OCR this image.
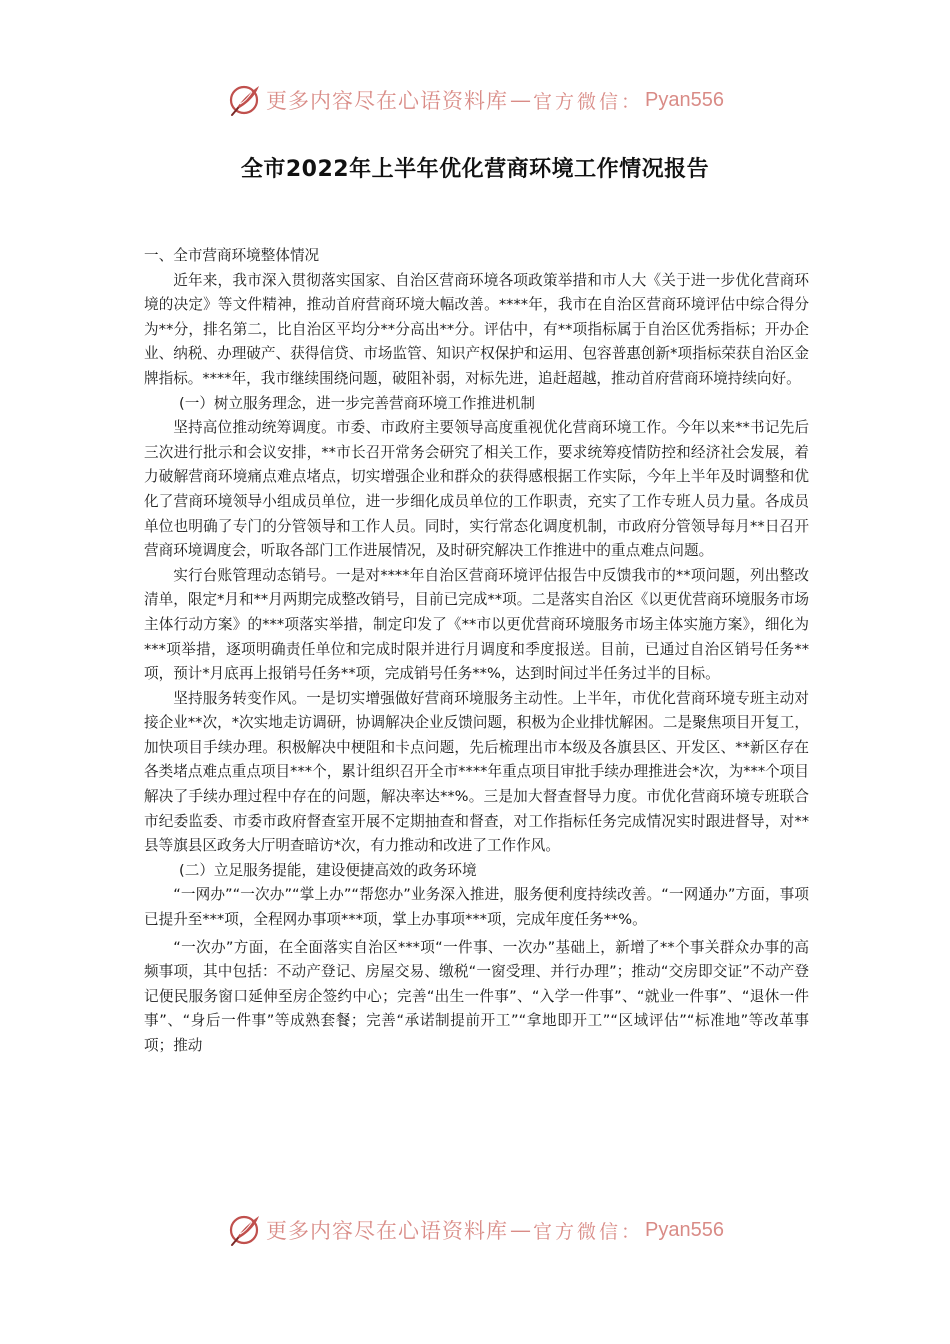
更多内容尽在心语资料库 — 官方微信： Pyan556
全市2022年上半年优化营商环境工作情况报告

一、全市营商环境整体情况

近年来，我市深入贯彻落实国家、自治区营商环境各项政策举措和市人大《关于进一步优化营商环境的决定》等文件精神，推动首府营商环境大幅改善。****年，我市在自治区营商环境评估中综合得分为**分，排名第二，比自治区平均分**分高出**分。评估中，有**项指标属于自治区优秀指标；开办企业、纳税、办理破产、获得信贷、市场监管、知识产权保护和运用、包容普惠创新*项指标荣获自治区金牌指标。****年，我市继续围绕问题，破阻补弱，对标先进，追赶超越，推动首府营商环境持续向好。

(一）树立服务理念，进一步完善营商环境工作推进机制

坚持高位推动统筹调度。市委、市政府主要领导高度重视优化营商环境工作。今年以来**书记先后三次进行批示和会议安排，**市长召开常务会研究了相关工作，要求统筹疫情防控和经济社会发展，着力破解营商环境痛点难点堵点，切实增强企业和群众的获得感根据工作实际，今年上半年及时调整和优化了营商环境领导小组成员单位，进一步细化成员单位的工作职责，充实了工作专班人员力量。各成员单位也明确了专门的分管领导和工作人员。同时，实行常态化调度机制，市政府分管领导每月**日召开营商环境调度会，听取各部门工作进展情况，及时研究解决工作推进中的重点难点问题。

实行台账管理动态销号。一是对****年自治区营商环境评估报告中反馈我市的**项问题，列出整改清单，限定*月和**月两期完成整改销号，目前已完成**项。二是落实自治区《以更优营商环境服务市场主体行动方案》的***项落实举措，制定印发了《**市以更优营商环境服务市场主体实施方案》，细化为***项举措，逐项明确责任单位和完成时限并进行月调度和季度报送。目前，已通过自治区销号任务**项，预计*月底再上报销号任务**项，完成销号任务**%，达到时间过半任务过半的目标。

坚持服务转变作风。一是切实增强做好营商环境服务主动性。上半年，市优化营商环境专班主动对接企业**次，*次实地走访调研，协调解决企业反馈问题，积极为企业排忧解困。二是聚焦项目开复工，加快项目手续办理。积极解决中梗阻和卡点问题，先后梳理出市本级及各旗县区、开发区、**新区存在各类堵点难点重点项目***个，累计组织召开全市****年重点项目审批手续办理推进会*次，为***个项目解决了手续办理过程中存在的问题，解决率达**%。三是加大督查督导力度。市优化营商环境专班联合市纪委监委、市委市政府督查室开展不定期抽查和督查，对工作指标任务完成情况实时跟进督导，对**县等旗县区政务大厅明查暗访*次，有力推动和改进了工作作风。

(二）立足服务提能，建设便捷高效的政务环境

“一网办”“一次办”“掌上办”“帮您办”业务深入推进，服务便利度持续改善。“一网通办”方面，事项已提升至***项，全程网办事项***项，掌上办事项***项，完成年度任务**%。

“一次办”方面，在全面落实自治区***项“一件事、一次办”基础上，新增了**个事关群众办事的高频事项，其中包括：不动产登记、房屋交易、缴税“一窗受理、并行办理”；推动“交房即交证”不动产登记便民服务窗口延伸至房企签约中心；完善“出生一件事”、“入学一件事”、“就业一件事”、“退休一件事”、“身后一件事”等成熟套餐；完善“承诺制提前开工”“拿地即开工”“区域评估”“标准地”等改革事项；推动

更多内容尽在心语资料库 — 官方微信： Pyan556
